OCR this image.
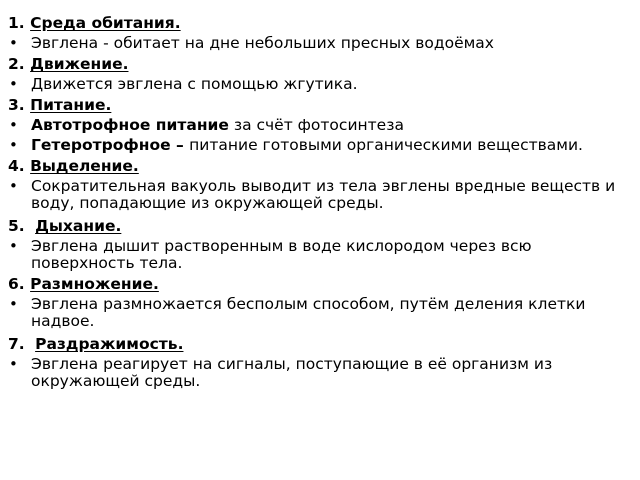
1. Среда обитания.
• Эвглена - обитает на дне небольших пресных водоёмах
2. Движение.
• Движется эвглена с помощью жгутика.
3. Питание.
• Автотрофное питание за счёт фотосинтеза
• Гетеротрофное – питание готовыми органическими веществами.
4. Выделение.
• Сократительная вакуоль выводит из тела эвглены вредные веществ и воду, попадающие из окружающей среды.
5. Дыхание.
• Эвглена дышит растворенным в воде кислородом через всю поверхность тела.
6. Размножение.
• Эвглена размножается бесполым способом, путём деления клетки надвое.
7. Раздражимость.
• Эвглена реагирует на сигналы, поступающие в её организм из окружающей среды.
